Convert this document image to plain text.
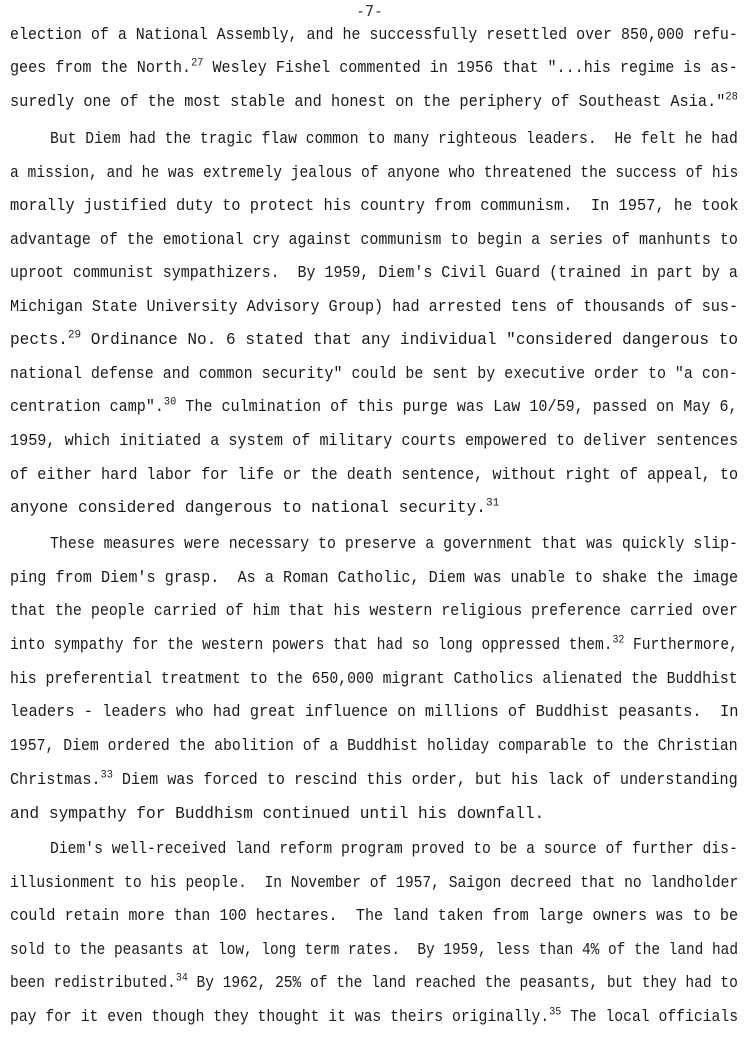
-7-
election of a National Assembly, and he successfully resettled over 850,000 refu-
gees from the North.$^{27}$ Wesley Fishel commented in 1956 that "...his regime is as-
suredly one of the most stable and honest on the periphery of Southeast Asia."$^{28}$
But Diem had the tragic flaw common to many righteous leaders.  He felt he had
a mission, and he was extremely jealous of anyone who threatened the success of his
morally justified duty to protect his country from communism.  In 1957, he took
advantage of the emotional cry against communism to begin a series of manhunts to
uproot communist sympathizers.  By 1959, Diem's Civil Guard (trained in part by a
Michigan State University Advisory Group) had arrested tens of thousands of sus-
pects.$^{29}$ Ordinance No. 6 stated that any individual "considered dangerous to
national defense and common security" could be sent by executive order to "a con-
centration camp".$^{30}$ The culmination of this purge was Law 10/59, passed on May 6,
1959, which initiated a system of military courts empowered to deliver sentences
of either hard labor for life or the death sentence, without right of appeal, to
anyone considered dangerous to national security.$^{31}$
These measures were necessary to preserve a government that was quickly slip-
ping from Diem's grasp.  As a Roman Catholic, Diem was unable to shake the image
that the people carried of him that his western religious preference carried over
into sympathy for the western powers that had so long oppressed them.$^{32}$ Furthermore,
his preferential treatment to the 650,000 migrant Catholics alienated the Buddhist
leaders - leaders who had great influence on millions of Buddhist peasants.  In
1957, Diem ordered the abolition of a Buddhist holiday comparable to the Christian
Christmas.$^{33}$ Diem was forced to rescind this order, but his lack of understanding
and sympathy for Buddhism continued until his downfall.
Diem's well-received land reform program proved to be a source of further dis-
illusionment to his people.  In November of 1957, Saigon decreed that no landholder
could retain more than 100 hectares.  The land taken from large owners was to be
sold to the peasants at low, long term rates.  By 1959, less than 4% of the land had
been redistributed.$^{34}$ By 1962, 25% of the land reached the peasants, but they had to
pay for it even though they thought it was theirs originally.$^{35}$ The local officials
